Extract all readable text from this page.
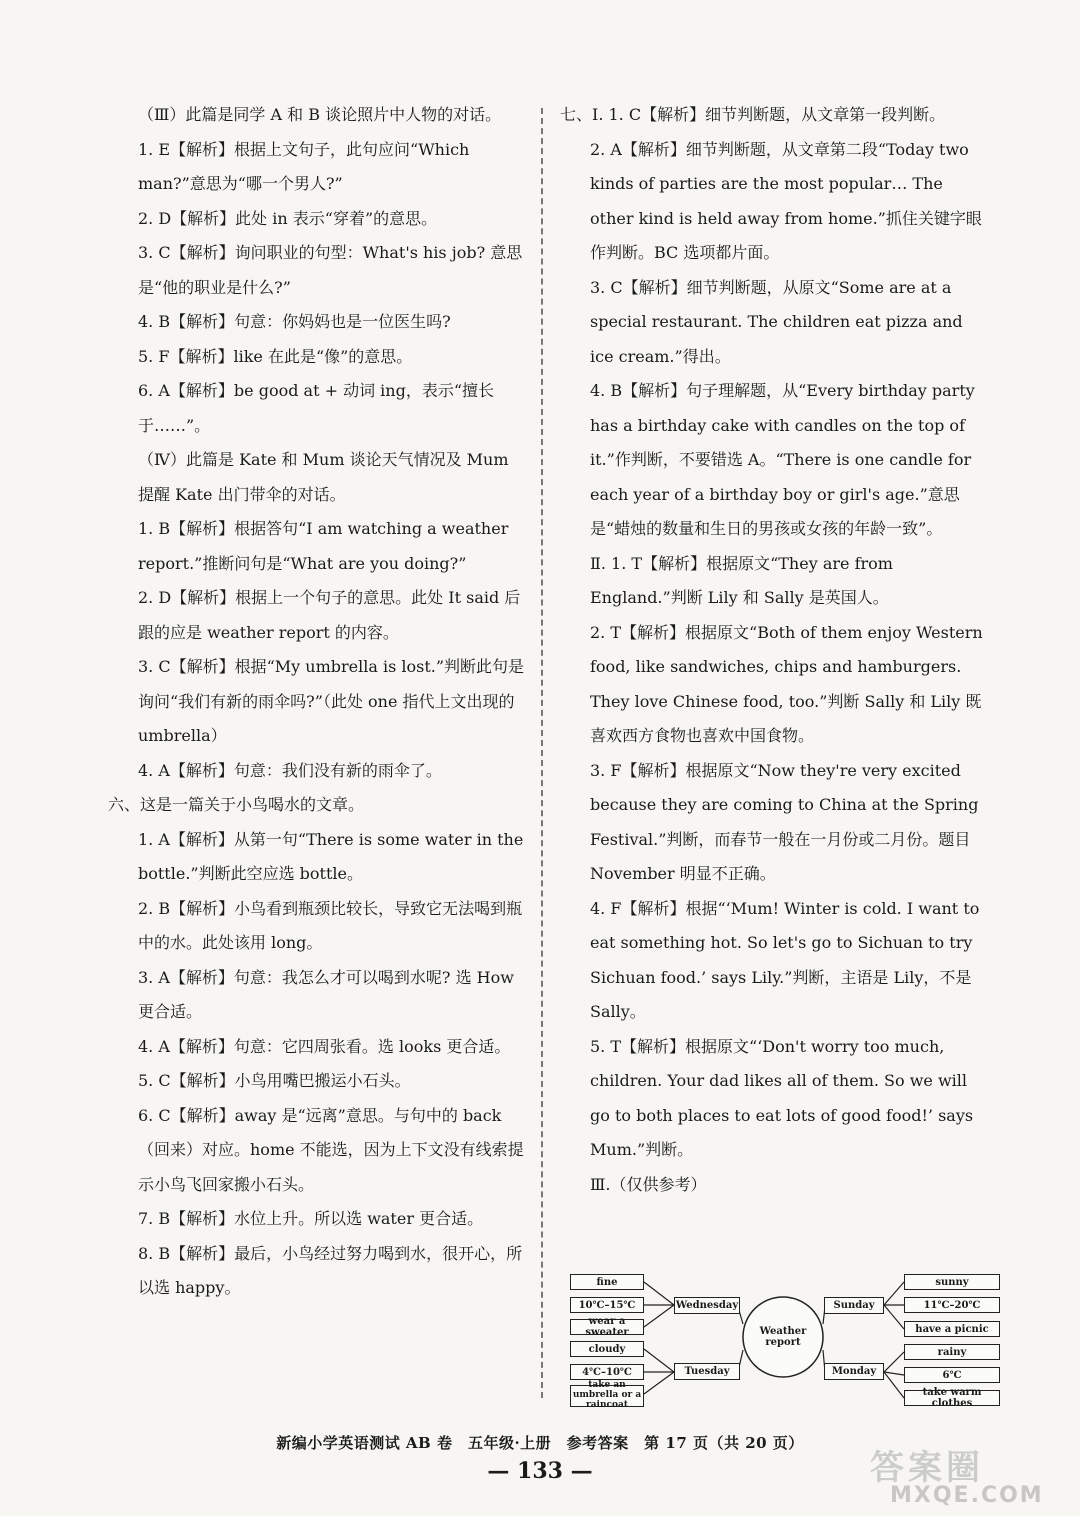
（Ⅲ）此篇是同学 A 和 B 谈论照片中人物的对话。

1. E【解析】根据上文句子，此句应问“Which man?”意思为“哪一个男人?”

2. D【解析】此处 in 表示“穿着”的意思。

3. C【解析】询问职业的句型：What's his job? 意思是“他的职业是什么?”

4. B【解析】句意：你妈妈也是一位医生吗?

5. F【解析】like 在此是“像”的意思。

6. A【解析】be good at + 动词 ing，表示“擅长于……”。

（Ⅳ）此篇是 Kate 和 Mum 谈论天气情况及 Mum 提醒 Kate 出门带伞的对话。

1. B【解析】根据答句“I am watching a weather report.”推断问句是“What are you doing?”

2. D【解析】根据上一个句子的意思。此处 It said 后跟的应是 weather report 的内容。

3. C【解析】根据“My umbrella is lost.”判断此句是询问“我们有新的雨伞吗?”（此处 one 指代上文出现的 umbrella）

4. A【解析】句意：我们没有新的雨伞了。

六、这是一篇关于小鸟喝水的文章。

1. A【解析】从第一句“There is some water in the bottle.”判断此空应选 bottle。

2. B【解析】小鸟看到瓶颈比较长，导致它无法喝到瓶中的水。此处该用 long。

3. A【解析】句意：我怎么才可以喝到水呢? 选 How 更合适。

4. A【解析】句意：它四周张看。选 looks 更合适。

5. C【解析】小鸟用嘴巴搬运小石头。

6. C【解析】away 是“远离”意思。与句中的 back（回来）对应。home 不能选，因为上下文没有线索提示小鸟飞回家搬小石头。

7. B【解析】水位上升。所以选 water 更合适。

8. B【解析】最后，小鸟经过努力喝到水，很开心，所以选 happy。

七、Ⅰ. 1. C【解析】细节判断题，从文章第一段判断。

2. A【解析】细节判断题，从文章第二段“Today two kinds of parties are the most popular… The other kind is held away from home.”抓住关键字眼作判断。BC 选项都片面。

3. C【解析】细节判断题，从原文“Some are at a special restaurant. The children eat pizza and ice cream.”得出。

4. B【解析】句子理解题，从“Every birthday party has a birthday cake with candles on the top of it.”作判断，不要错选 A。“There is one candle for each year of a birthday boy or girl's age.”意思是“蜡烛的数量和生日的男孩或女孩的年龄一致”。

Ⅱ. 1. T【解析】根据原文“They are from England.”判断 Lily 和 Sally 是英国人。

2. T【解析】根据原文“Both of them enjoy Western food, like sandwiches, chips and hamburgers. They love Chinese food, too.”判断 Sally 和 Lily 既喜欢西方食物也喜欢中国食物。

3. F【解析】根据原文“Now they're very excited because they are coming to China at the Spring Festival.”判断，而春节一般在一月份或二月份。题目 November 明显不正确。

4. F【解析】根据“‘Mum! Winter is cold. I want to eat something hot. So let's go to Sichuan to try Sichuan food.’ says Lily.”判断，主语是 Lily，不是 Sally。

5. T【解析】根据原文“‘Don't worry too much, children. Your dad likes all of them. So we will go to both places to eat lots of good food!’ says Mum.”判断。

Ⅲ.（仅供参考）

Weather report
fine
10℃–15℃
wear a sweater
Wednesday
cloudy
4℃–10℃
take an umbrella or a raincoat
Tuesday
Sunday
sunny
11℃–20℃
have a picnic
Monday
rainy
6℃
take warm clothes
新编小学英语测试 AB 卷　五年级·上册　参考答案　第 17 页（共 20 页）
— 133 —	答案圈
MXQE.COM
